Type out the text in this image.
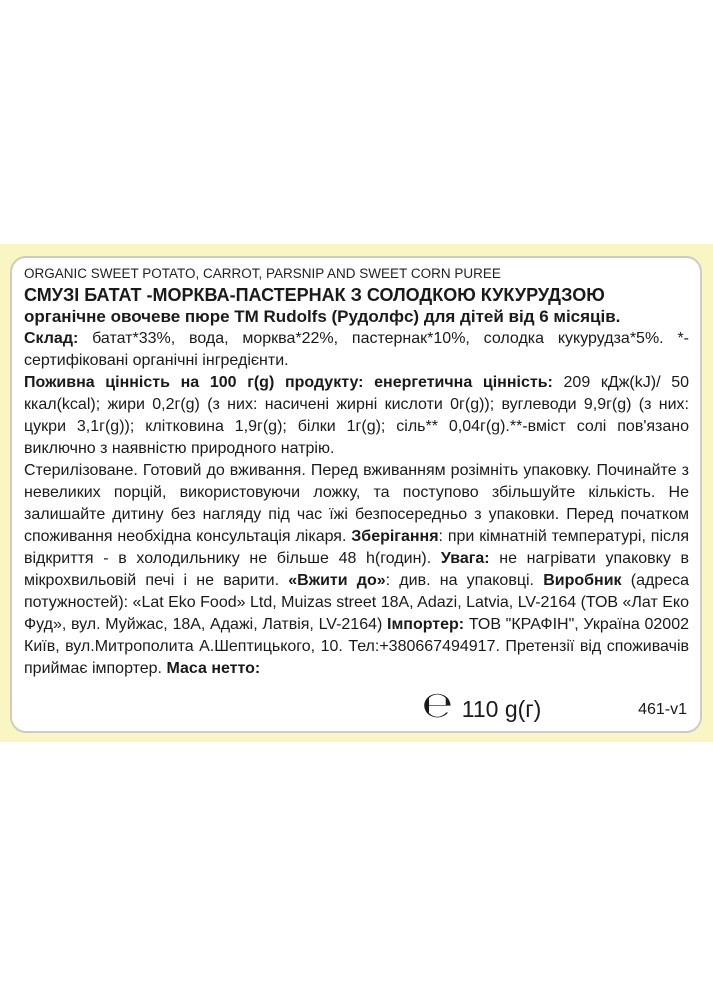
ORGANIC SWEET POTATO, CARROT, PARSNIP AND SWEET CORN PUREE

СМУЗІ БАТАТ -МОРКВА-ПАСТЕРНАК З СОЛОДКОЮ КУКУРУДЗОЮ

органічне овочеве пюре ТМ Rudolfs (Рудолфс) для дітей від 6 місяців.

Склад: батат*33%, вода, морква*22%, пастернак*10%, солодка кукурудза*5%. *-сертифіковані органічні інгредієнти.

Поживна цінність на 100 г(g) продукту: енергетична цінність: 209 кДж(kJ)/ 50 ккал(kcal); жири 0,2г(g) (з них: насичені жирні кислоти 0г(g)); вуглеводи 9,9г(g) (з них: цукри 3,1г(g)); клітковина 1,9г(g); білки 1г(g); сіль** 0,04г(g).**-вміст солі пов'язано виключно з наявністю природного натрію.

Стерилізоване. Готовий до вживання. Перед вживанням розімніть упаковку. Починайте з невеликих порцій, використовуючи ложку, та поступово збільшуйте кількість. Не залишайте дитину без нагляду під час їжі безпосередньо з упаковки. Перед початком споживання необхідна консультація лікаря. Зберігання: при кімнатній температурі, після відкриття - в холодильнику не більше 48 h(годин). Увага: не нагрівати упаковку в мікрохвильовій печі і не варити. «Вжити до»: див. на упаковці. Виробник (адреса потужностей): «Lat Eko Food» Ltd, Muizas street 18A, Adazi, Latvia, LV-2164 (ТОВ «Лат Еко Фуд», вул. Муйжас, 18А, Адажі, Латвія, LV-2164) Імпортер: ТОВ "КРАФІН", Україна 02002 Київ, вул.Митрополита А.Шептицького, 10. Тел:+380667494917. Претензії від споживачів приймає імпортер. Маса нетто:

℮ 110 g(г)	461-v1
